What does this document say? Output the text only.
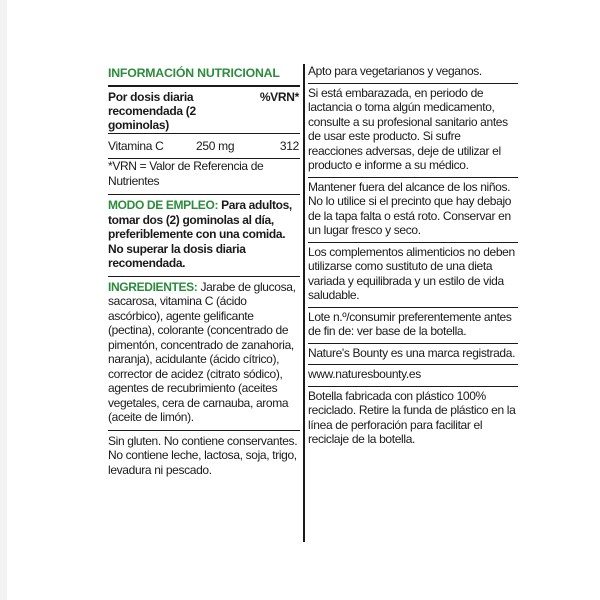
INFORMACIÓN NUTRICIONAL
Por dosis diaria recomendada (2 gominolas)
%VRN*
Vitamina C	250 mg	312

*VRN = Valor de Referencia de Nutrientes

MODO DE EMPLEO: Para adultos, tomar dos (2) gominolas al día, preferiblemente con una comida. No superar la dosis diaria recomendada.

INGREDIENTES: Jarabe de glucosa, sacarosa, vitamina C (ácido ascórbico), agente gelificante (pectina), colorante (concentrado de pimentón, concentrado de zanahoria, naranja), acidulante (ácido cítrico), corrector de acidez (citrato sódico), agentes de recubrimiento (aceites vegetales, cera de carnauba, aroma (aceite de limón).

Sin gluten. No contiene conservantes. No contiene leche, lactosa, soja, trigo, levadura ni pescado.

Apto para vegetarianos y veganos.

Si está embarazada, en periodo de lactancia o toma algún medicamento, consulte a su profesional sanitario antes de usar este producto. Si sufre reacciones adversas, deje de utilizar el producto e informe a su médico.

Mantener fuera del alcance de los niños. No lo utilice si el precinto que hay debajo de la tapa falta o está roto. Conservar en un lugar fresco y seco.

Los complementos alimenticios no deben utilizarse como sustituto de una dieta variada y equilibrada y un estilo de vida saludable.

Lote n.º/consumir preferentemente antes de fin de: ver base de la botella.

Nature's Bounty es una marca registrada.

www.naturesbounty.es

Botella fabricada con plástico 100% reciclado. Retire la funda de plástico en la línea de perforación para facilitar el reciclaje de la botella.
